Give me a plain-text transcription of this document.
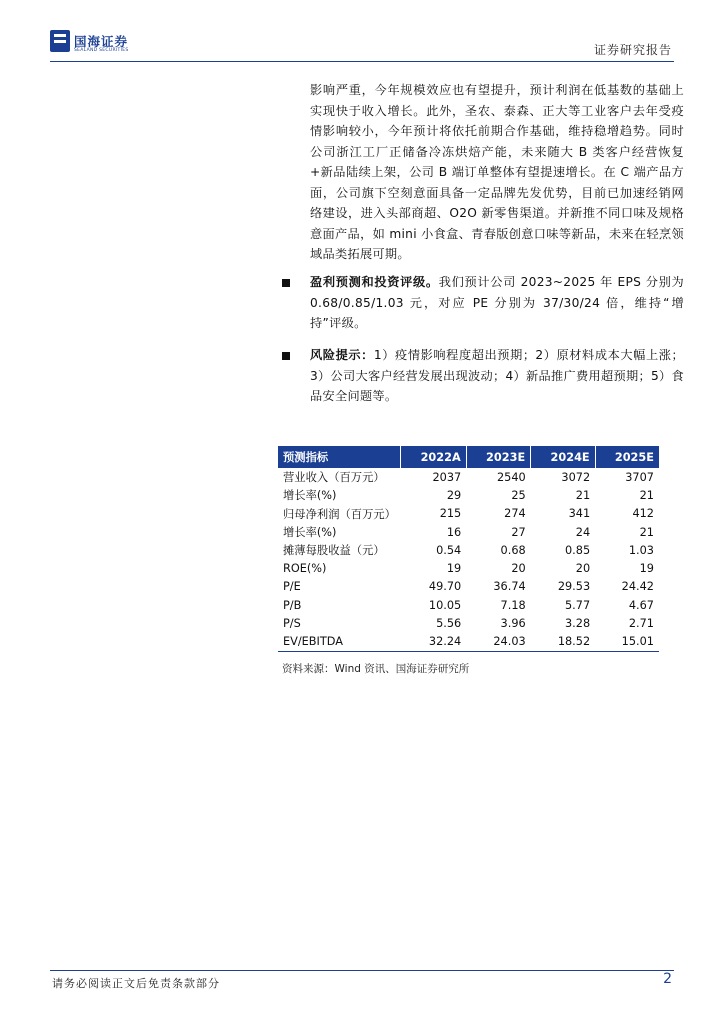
国海证券
SEALAND SECURITIES	证券研究报告
影响严重，今年规模效应也有望提升，预计利润在低基数的基础上实现快于收入增长。此外，圣农、泰森、正大等工业客户去年受疫情影响较小，今年预计将依托前期合作基础，维持稳增趋势。同时公司浙江工厂正储备冷冻烘焙产能，未来随大 B 类客户经营恢复+新品陆续上架，公司 B 端订单整体有望提速增长。在 C 端产品方面，公司旗下空刻意面具备一定品牌先发优势，目前已加速经销网络建设，进入头部商超、O2O 新零售渠道。并新推不同口味及规格意面产品，如 mini 小食盒、青春版创意口味等新品，未来在轻烹领域品类拓展可期。
盈利预测和投资评级。我们预计公司 2023~2025 年 EPS 分别为 0.68/0.85/1.03 元，对应 PE 分别为 37/30/24 倍，维持“增持”评级。
风险提示：1）疫情影响程度超出预期；2）原材料成本大幅上涨；3）公司大客户经营发展出现波动；4）新品推广费用超预期；5）食品安全问题等。
预测指标	2022A	2023E	2024E	2025E
营业收入（百万元）	2037	2540	3072	3707
增长率(%)	29	25	21	21
归母净利润（百万元）	215	274	341	412
增长率(%)	16	27	24	21
摊薄每股收益（元）	0.54	0.68	0.85	1.03
ROE(%)	19	20	20	19
P/E	49.70	36.74	29.53	24.42
P/B	10.05	7.18	5.77	4.67
P/S	5.56	3.96	3.28	2.71
EV/EBITDA	32.24	24.03	18.52	15.01
资料来源：Wind 资讯、国海证券研究所
请务必阅读正文后免责条款部分	2
